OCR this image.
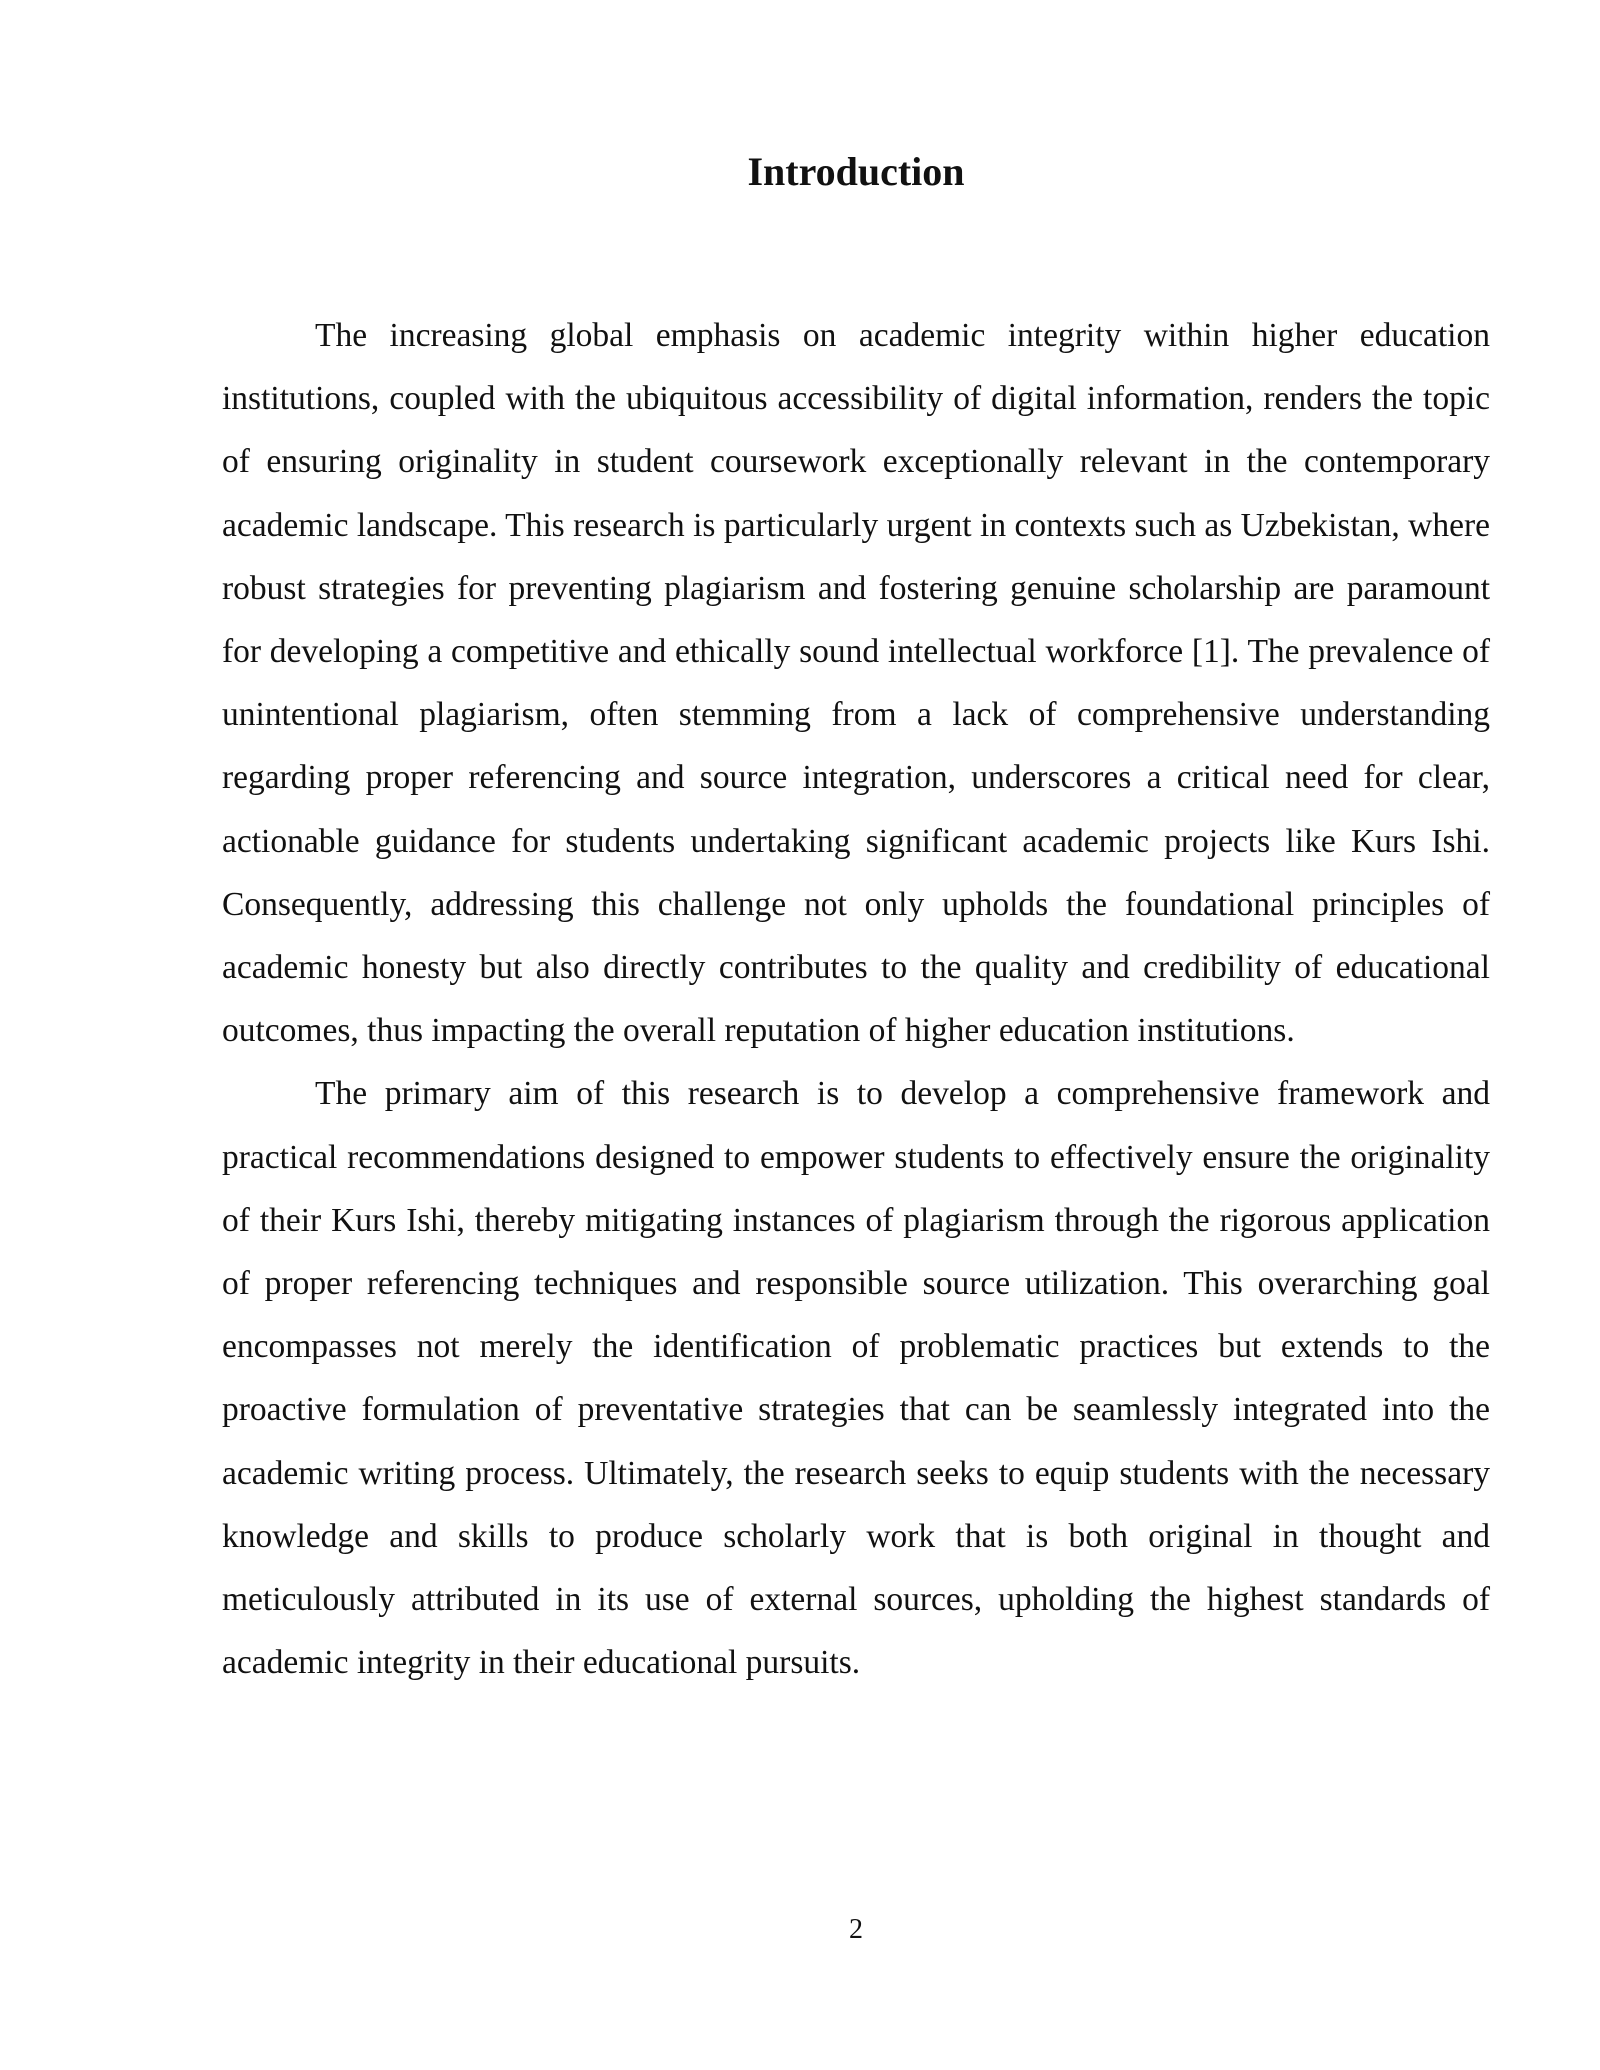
Introduction

The increasing global emphasis on academic integrity within higher education institutions, coupled with the ubiquitous accessibility of digital information, renders the topic of ensuring originality in student coursework exceptionally relevant in the contemporary academic landscape. This research is particularly urgent in contexts such as Uzbekistan, where robust strategies for preventing plagiarism and fostering genuine scholarship are paramount for developing a competitive and ethically sound intellectual workforce [1]. The prevalence of unintentional plagiarism, often stemming from a lack of comprehensive understanding regarding proper referencing and source integration, underscores a critical need for clear, actionable guidance for students undertaking significant academic projects like Kurs Ishi. Consequently, addressing this challenge not only upholds the foundational principles of academic honesty but also directly contributes to the quality and credibility of educational outcomes, thus impacting the overall reputation of higher education institutions.

The primary aim of this research is to develop a comprehensive framework and practical recommendations designed to empower students to effectively ensure the originality of their Kurs Ishi, thereby mitigating instances of plagiarism through the rigorous application of proper referencing techniques and responsible source utilization. This overarching goal encompasses not merely the identification of problematic practices but extends to the proactive formulation of preventative strategies that can be seamlessly integrated into the academic writing process. Ultimately, the research seeks to equip students with the necessary knowledge and skills to produce scholarly work that is both original in thought and meticulously attributed in its use of external sources, upholding the highest standards of academic integrity in their educational pursuits.

2
